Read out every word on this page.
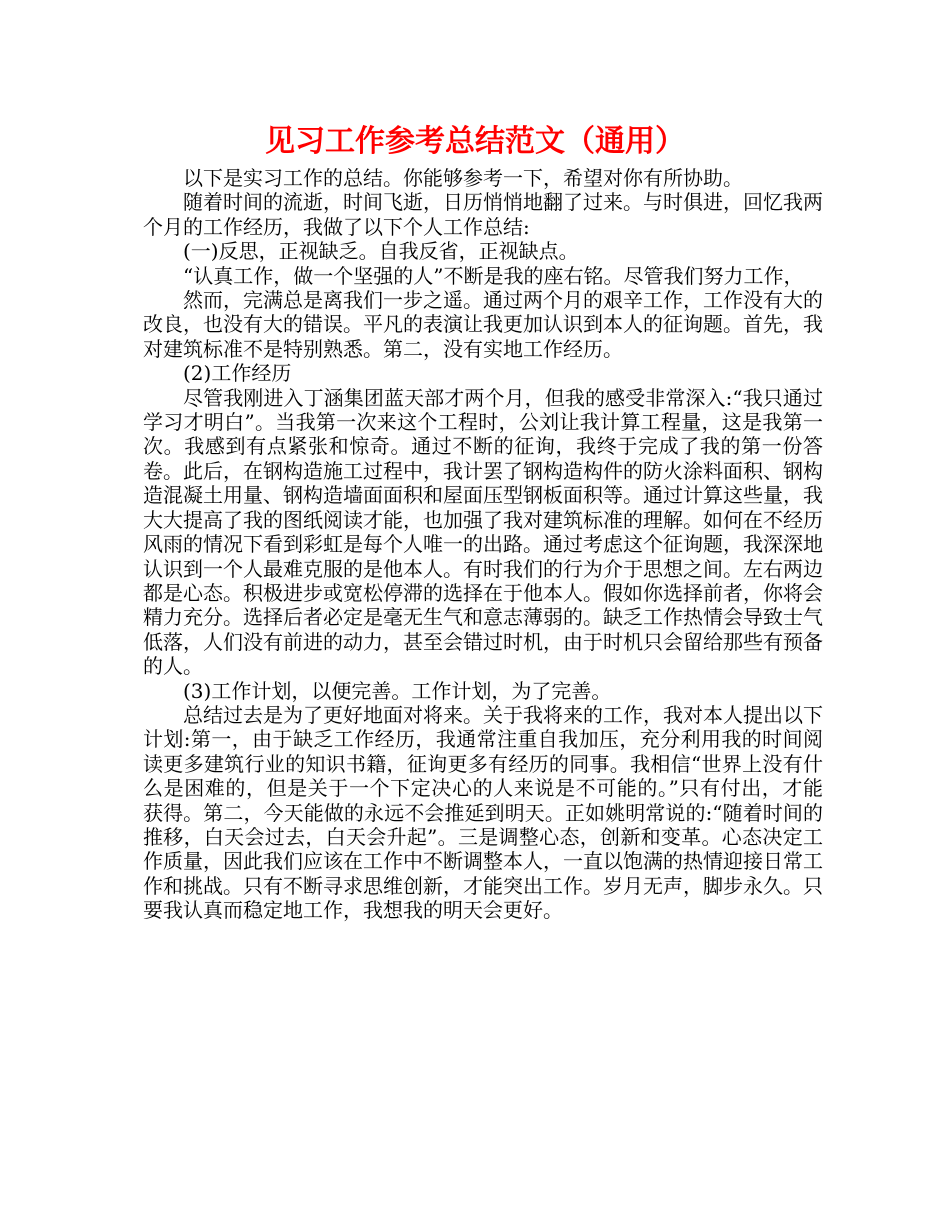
见习工作参考总结范文（通用）

以下是实习工作的总结。你能够参考一下，希望对你有所协助。

随着时间的流逝，时间飞逝，日历悄悄地翻了过来。与时俱进，回忆我两个月的工作经历，我做了以下个人工作总结:

(一)反思，正视缺乏。自我反省，正视缺点。

“认真工作，做一个坚强的人”不断是我的座右铭。尽管我们努力工作，

然而，完满总是离我们一步之遥。通过两个月的艰辛工作，工作没有大的改良，也没有大的错误。平凡的表演让我更加认识到本人的征询题。首先，我对建筑标准不是特别熟悉。第二，没有实地工作经历。

(2)工作经历

尽管我刚进入丁涵集团蓝天部才两个月，但我的感受非常深入:“我只通过学习才明白”。当我第一次来这个工程时，公刘让我计算工程量，这是我第一次。我感到有点紧张和惊奇。通过不断的征询，我终于完成了我的第一份答卷。此后，在钢构造施工过程中，我计罢了钢构造构件的防火涂料面积、钢构造混凝土用量、钢构造墙面面积和屋面压型钢板面积等。通过计算这些量，我大大提高了我的图纸阅读才能，也加强了我对建筑标准的理解。如何在不经历风雨的情况下看到彩虹是每个人唯一的出路。通过考虑这个征询题，我深深地认识到一个人最难克服的是他本人。有时我们的行为介于思想之间。左右两边都是心态。积极进步或宽松停滞的选择在于他本人。假如你选择前者，你将会精力充分。选择后者必定是毫无生气和意志薄弱的。缺乏工作热情会导致士气低落，人们没有前进的动力，甚至会错过时机，由于时机只会留给那些有预备的人。

(3)工作计划，以便完善。工作计划，为了完善。

总结过去是为了更好地面对将来。关于我将来的工作，我对本人提出以下计划:第一，由于缺乏工作经历，我通常注重自我加压，充分利用我的时间阅读更多建筑行业的知识书籍，征询更多有经历的同事。我相信“世界上没有什么是困难的，但是关于一个下定决心的人来说是不可能的。”只有付出，才能获得。第二，今天能做的永远不会推延到明天。正如姚明常说的:“随着时间的推移，白天会过去，白天会升起”。三是调整心态，创新和变革。心态决定工作质量，因此我们应该在工作中不断调整本人，一直以饱满的热情迎接日常工作和挑战。只有不断寻求思维创新，才能突出工作。岁月无声，脚步永久。只要我认真而稳定地工作，我想我的明天会更好。
